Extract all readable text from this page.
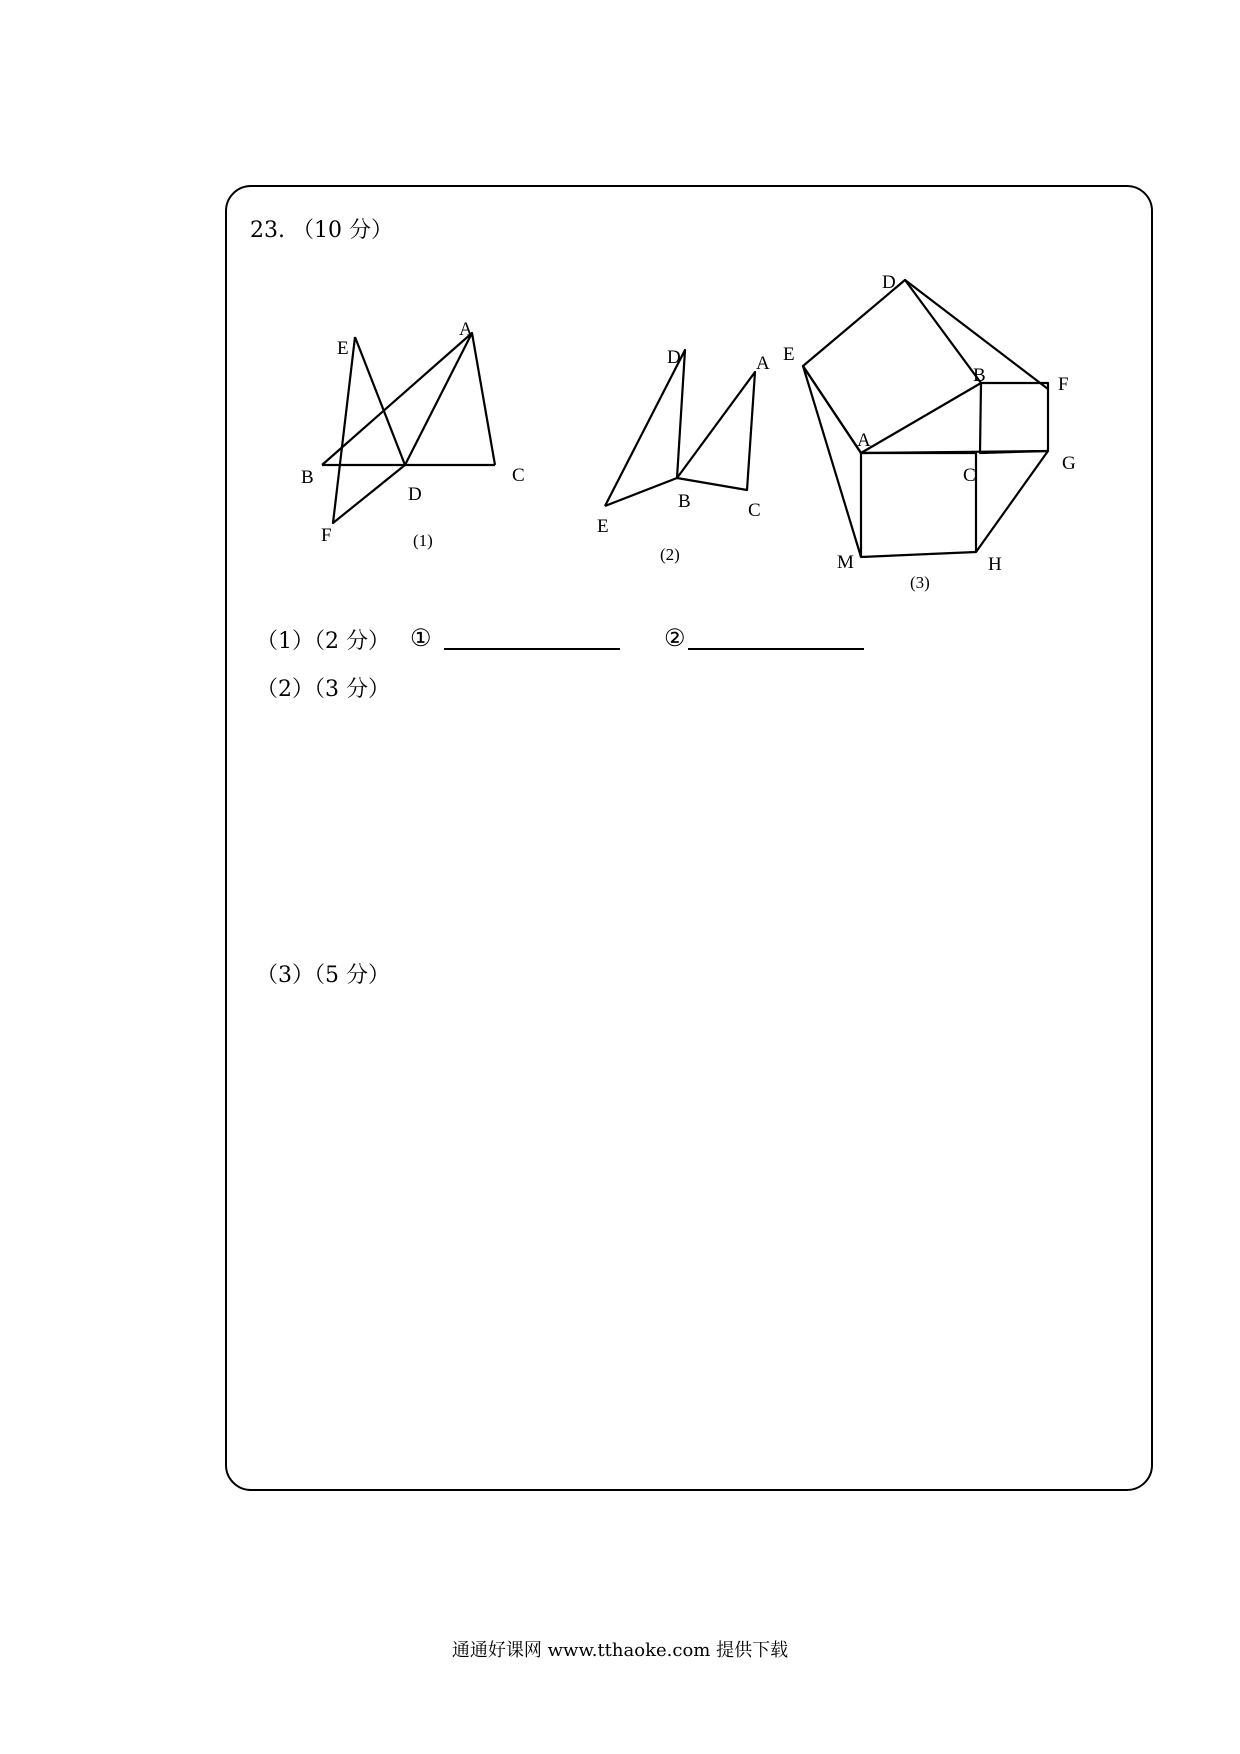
23. （10 分）
E
A
B
D
C
F	(1)
D	A
B	C
E
(2)
D
E
B	F
A
C
G
M	H
(3)
（1）（2 分） ①	②
（2）（3 分）
（3）（5 分）
通通好课网 www.tthaoke.com 提供下载
